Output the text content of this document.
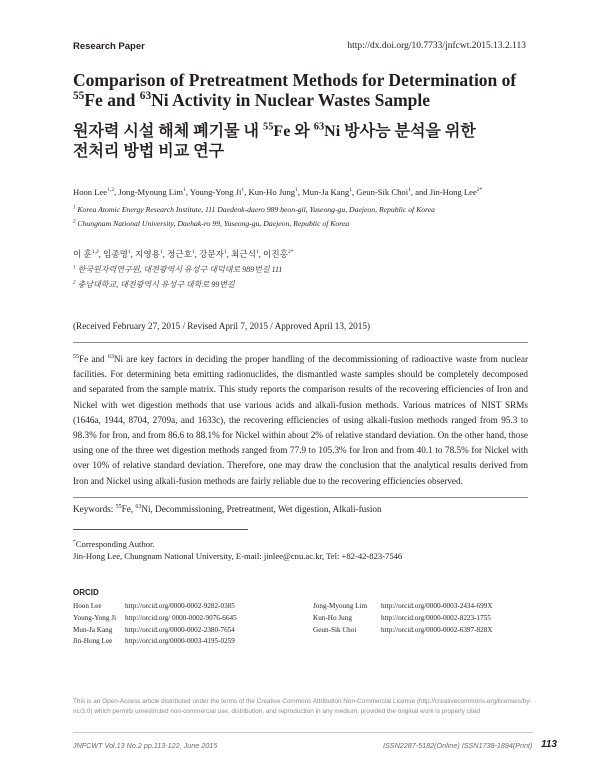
Research Paper	http://dx.doi.org/10.7733/jnfcwt.2015.13.2.113
Comparison of Pretreatment Methods for Determination of
$^{55}$Fe and $^{63}$Ni Activity in Nuclear Wastes Sample
원자력 시설 해체 폐기물 내 $^{55}$Fe 와 $^{63}$Ni 방사능 분석을 위한
전처리 방법 비교 연구
Hoon Lee$^{1,2}$, Jong-Myoung Lim$^1$, Young-Yong Ji$^1$, Kun-Ho Jung$^1$, Mun-Ja Kang$^1$, Geun-Sik Choi$^1$, and Jin-Hong Lee$^{2*}$
$^1$ Korea Atomic Energy Research Institute, 111 Daedeok-daero 989 beon-gil, Yuseong-gu, Daejeon, Republic of Korea
$^2$ Chungnam National University, Daehak-ro 99, Yuseong-gu, Daejeon, Republic of Korea
이 훈$^{1,2}$, 임종명$^1$, 지영용$^1$, 정근호$^1$, 강문자$^1$, 최근식$^1$, 이진홍$^{2*}$
$^1$ 한국원자력연구원, 대전광역시 유성구 대덕대로 989번길 111
$^2$ 충남대학교, 대전광역시 유성구 대학로 99번길
(Received February 27, 2015 / Revised April 7, 2015 / Approved April 13, 2015)
$^{55}$Fe and $^{63}$Ni are key factors in deciding the proper handling of the decommissioning of radioactive waste from nuclear facilities. For determining beta emitting radionuclides, the dismantled waste samples should be completely decomposed and separated from the sample matrix. This study reports the comparison results of the recovering efficiencies of Iron and Nickel with wet digestion methods that use various acids and alkali-fusion methods. Various matrices of NIST SRMs (1646a, 1944, 8704, 2709a, and 1633c), the recovering efficiencies of using alkali-fusion methods ranged from 95.3 to 98.3% for Iron, and from 86.6 to 88.1% for Nickel within about 2% of relative standard deviation. On the other hand, those using one of the three wet digestion methods ranged from 77.9 to 105.3% for Iron and from 40.1 to 78.5% for Nickel with over 10% of relative standard deviation. Therefore, one may draw the conclusion that the analytical results derived from Iron and Nickel using alkali-fusion methods are fairly reliable due to the recovering efficiencies observed.
Keywords: $^{55}$Fe, $^{63}$Ni, Decommissioning, Pretreatment, Wet digestion, Alkali-fusion
*Corresponding Author.
Jin-Hong Lee, Chungnam National University, E-mail: jinlee@cnu.ac.kr, Tel: +82-42-823-7546
ORCID
Hoon Lee	http://orcid.org/0000-0002-9282-0385
Young-Yong Ji	http://orcid.org/ 0000-0002-9076-6645
Mun-Ja Kang	http://orcid.org/0000-0002-2380-7654
Jin-Hong Lee	http://orcid.org/0000-0003-4195-0259
Jong-Myoung Lim	http://orcid.org/0000-0003-2434-699X
Kun-Ho Jung	http://orcid.org/0000-0002-8223-1755
Geun-Sik Choi	http://orcid.org/0000-0002-6397-828X
This is an Open-Access article distributed under the terms of the Creative Commons Attribution Non-Commercial License (http://creativecommons.org/licenses/by-nc/3.0) which permits unrestricted non-commercial use, distribution, and reproduction in any medium, provided the original work is properly cited
JNFCWT Vol.13 No.2 pp.113-122, June 2015	ISSN2287-5182(Online) ISSN1738-1894(Print) 113
